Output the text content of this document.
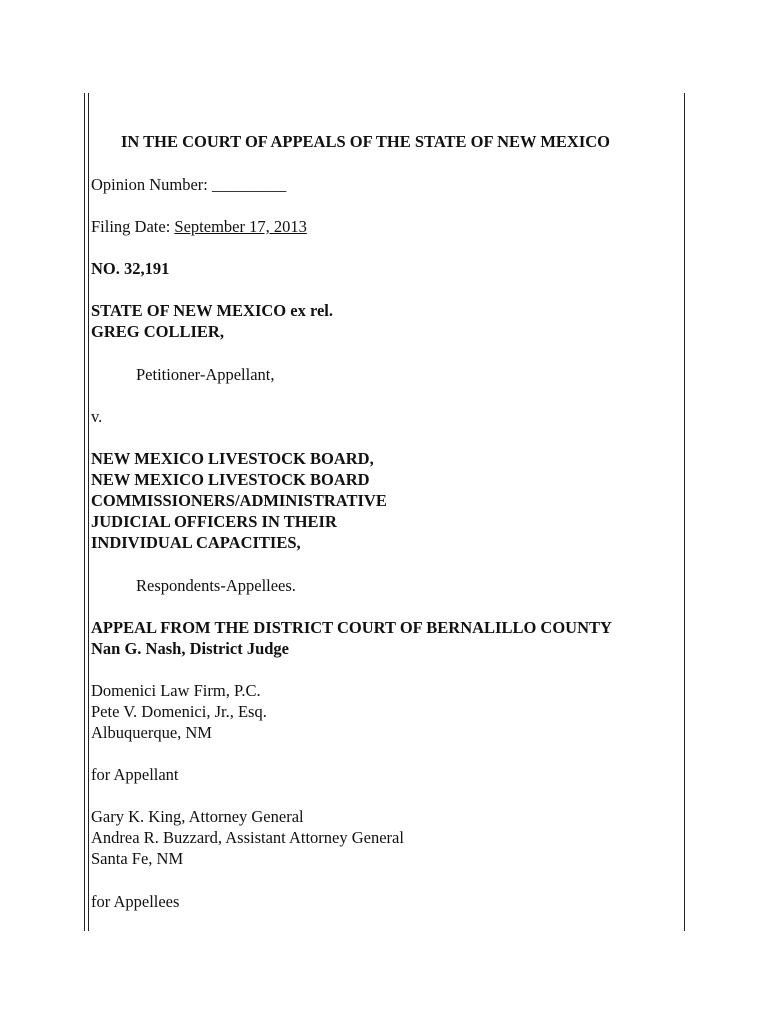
IN THE COURT OF APPEALS OF THE STATE OF NEW MEXICO
Opinion Number: _________
Filing Date: September 17, 2013
NO. 32,191
STATE OF NEW MEXICO ex rel.
GREG COLLIER,
Petitioner-Appellant,
v.
NEW MEXICO LIVESTOCK BOARD,
NEW MEXICO LIVESTOCK BOARD
COMMISSIONERS/ADMINISTRATIVE
JUDICIAL OFFICERS IN THEIR
INDIVIDUAL CAPACITIES,
Respondents-Appellees.
APPEAL FROM THE DISTRICT COURT OF BERNALILLO COUNTY
Nan G. Nash, District Judge
Domenici Law Firm, P.C.
Pete V. Domenici, Jr., Esq.
Albuquerque, NM
for Appellant
Gary K. King, Attorney General
Andrea R. Buzzard, Assistant Attorney General
Santa Fe, NM
for Appellees
